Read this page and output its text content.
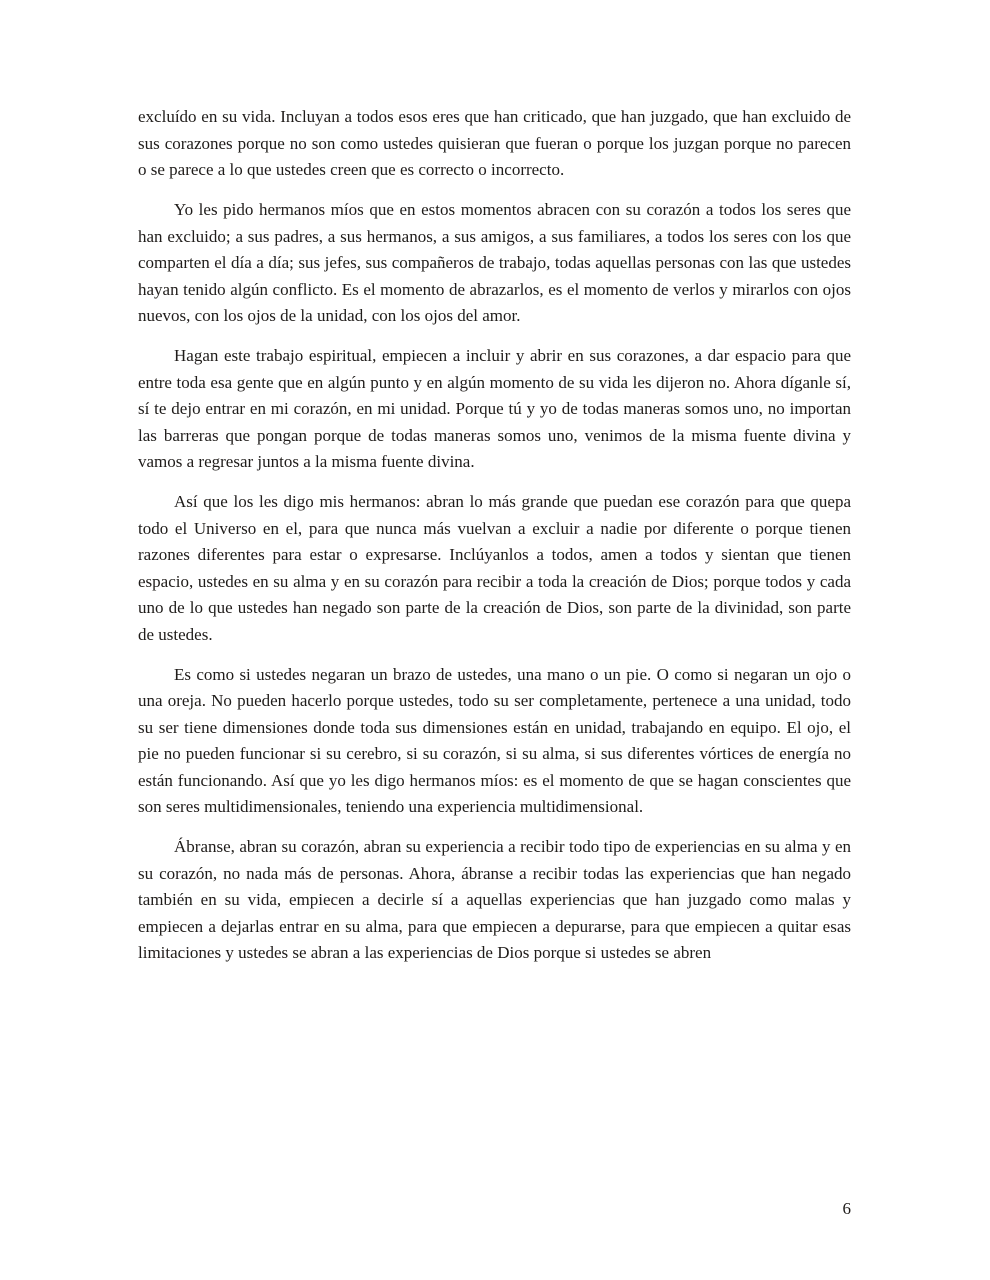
excluído en su vida. Incluyan a todos esos eres que han criticado, que han juzgado, que han excluido de sus corazones porque no son como ustedes quisieran que fueran o porque los juzgan porque no parecen o se parece a lo que ustedes creen que es correcto o incorrecto.

Yo les pido hermanos míos que en estos momentos abracen con su corazón a todos los seres que han excluido; a sus padres, a sus hermanos, a sus amigos, a sus familiares, a todos los seres con los que comparten el día a día; sus jefes, sus compañeros de trabajo, todas aquellas personas con las que ustedes hayan tenido algún conflicto. Es el momento de abrazarlos, es el momento de verlos y mirarlos con ojos nuevos, con los ojos de la unidad, con los ojos del amor.

Hagan este trabajo espiritual, empiecen a incluir y abrir en sus corazones, a dar espacio para que entre toda esa gente que en algún punto y en algún momento de su vida les dijeron no. Ahora díganle sí, sí te dejo entrar en mi corazón, en mi unidad. Porque tú y yo de todas maneras somos uno, no importan las barreras que pongan porque de todas maneras somos uno, venimos de la misma fuente divina y vamos a regresar juntos a la misma fuente divina.

Así que los les digo mis hermanos: abran lo más grande que puedan ese corazón para que quepa todo el Universo en el, para que nunca más vuelvan a excluir a nadie por diferente o porque tienen razones diferentes para estar o expresarse. Inclúyanlos a todos, amen a todos y sientan que tienen espacio, ustedes en su alma y en su corazón para recibir a toda la creación de Dios; porque todos y cada uno de lo que ustedes han negado son parte de la creación de Dios, son parte de la divinidad, son parte de ustedes.

Es como si ustedes negaran un brazo de ustedes, una mano o un pie. O como si negaran un ojo o una oreja. No pueden hacerlo porque ustedes, todo su ser completamente, pertenece a una unidad, todo su ser tiene dimensiones donde toda sus dimensiones están en unidad, trabajando en equipo. El ojo, el pie no pueden funcionar si su cerebro, si su corazón, si su alma, si sus diferentes vórtices de energía no están funcionando. Así que yo les digo hermanos míos: es el momento de que se hagan conscientes que son seres multidimensionales, teniendo una experiencia multidimensional.

Ábranse, abran su corazón, abran su experiencia a recibir todo tipo de experiencias en su alma y en su corazón, no nada más de personas. Ahora, ábranse a recibir todas las experiencias que han negado también en su vida, empiecen a decirle sí a aquellas experiencias que han juzgado como malas y empiecen a dejarlas entrar en su alma, para que empiecen a depurarse, para que empiecen a quitar esas limitaciones y ustedes se abran a las experiencias de Dios porque si ustedes se abren

6
